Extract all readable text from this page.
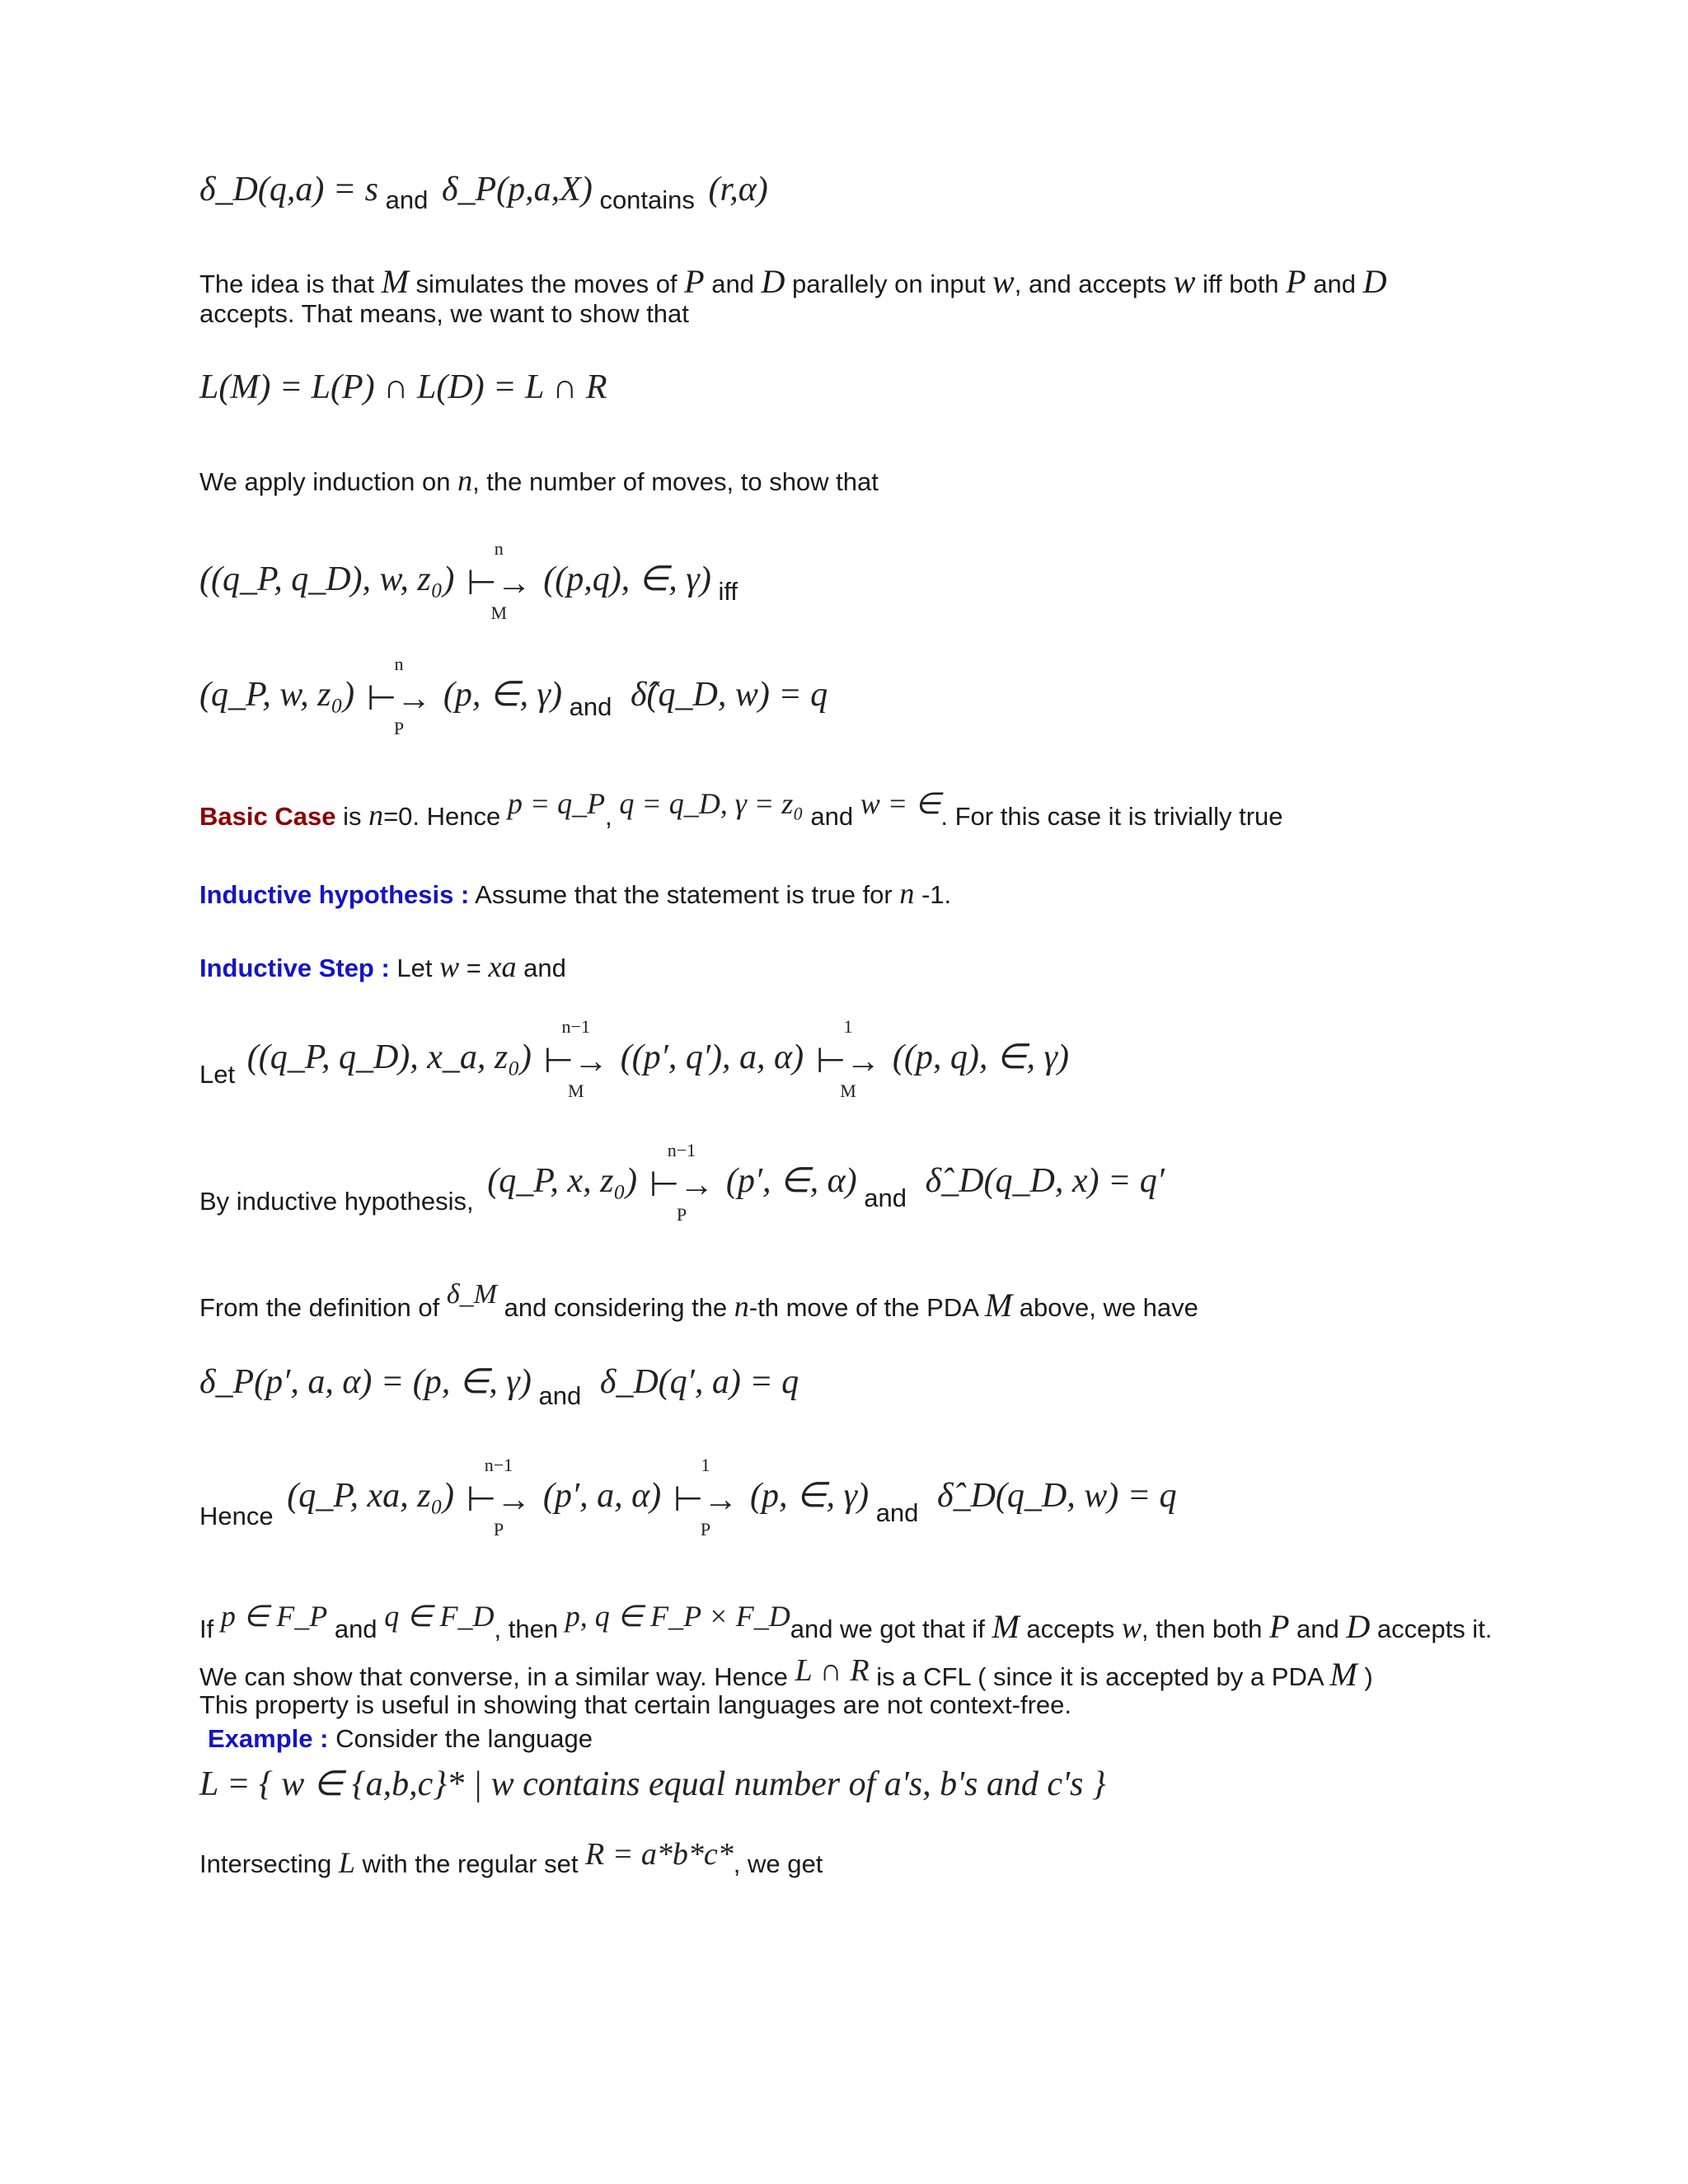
δ_D(q,a) = s and δ_P(p,a,X) contains (r,α)
The idea is that M simulates the moves of P and D parallely on input w, and accepts w iff both P and D
accepts. That means, we want to show that
L(M) = L(P) ∩ L(D) = L ∩ R
We apply induction on n, the number of moves, to show that
((q_P, q_D), w, z₀) ⊢→
n
M
((p,q), ∈, γ) iff
(q_P, w, z₀) ⊢→
n
P
(p, ∈, γ) and δ̂(q_D, w) = q
Basic Case is n=0. Hence p = q_P, q = q_D, γ = z₀ and w = ∈. For this case it is trivially true
Inductive hypothesis : Assume that the statement is true for n -1.
Inductive Step : Let w = xa and
Let ((q_P, q_D), x_a, z₀) ⊢→
n−1
M
((p′, q′), a, α) ⊢→
1
M
((p, q), ∈, γ)
By inductive hypothesis, (q_P, x, z₀) ⊢→
n−1
P
(p′, ∈, α) and δ̂_D(q_D, x) = q′
From the definition of δ_M and considering the n-th move of the PDA M above, we have
δ_P(p′, a, α) = (p, ∈, γ) and δ_D(q′, a) = q
Hence (q_P, xa, z₀) ⊢→
n−1
P
(p′, a, α) ⊢→
1
P
(p, ∈, γ) and δ̂_D(q_D, w) = q
If p ∈ F_P and q ∈ F_D, then p, q ∈ F_P × F_Dand we got that if M accepts w, then both P and D accepts it.
We can show that converse, in a similar way. Hence L ∩ R is a CFL ( since it is accepted by a PDA M )
This property is useful in showing that certain languages are not context-free.
Example : Consider the language
L = { w ∈ {a,b,c}* | w contains equal number of a's, b's and c's }
Intersecting L with the regular set R = a*b*c*, we get
